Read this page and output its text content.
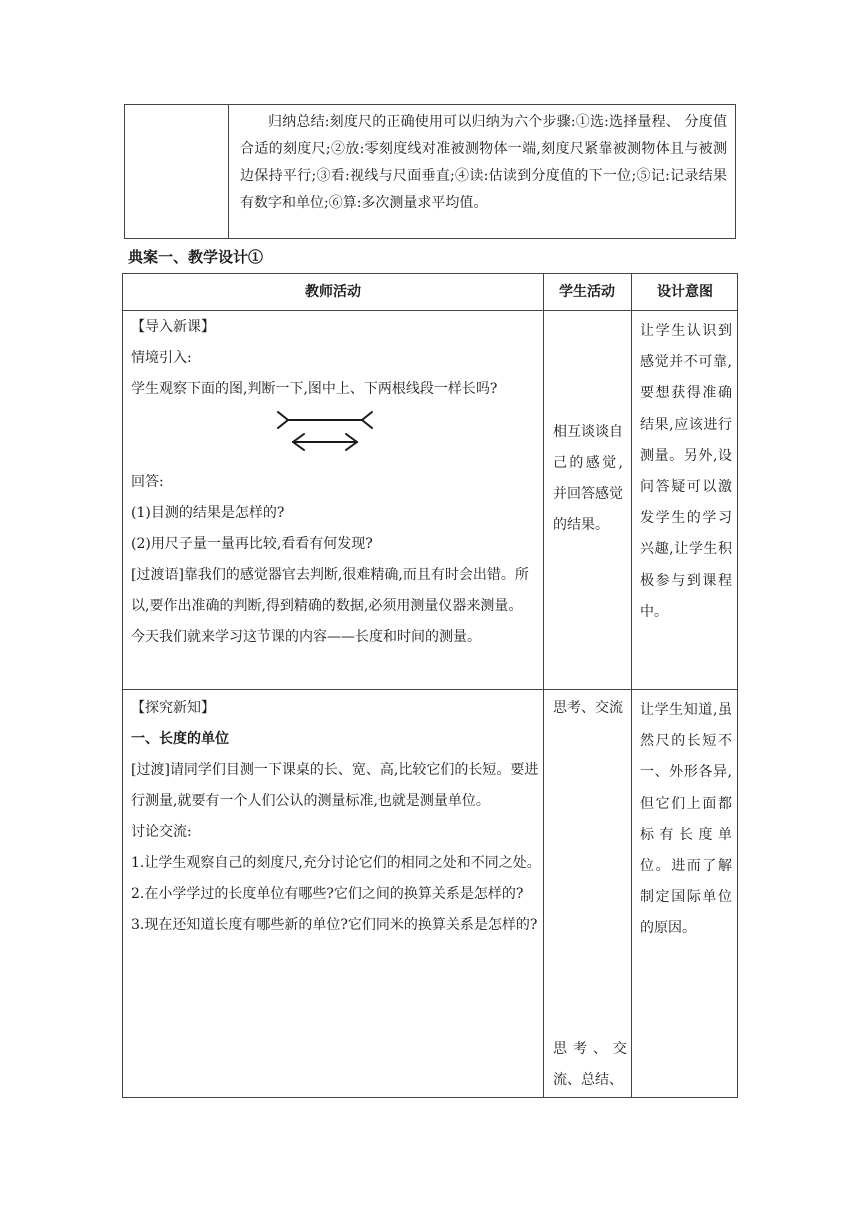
归纳总结:刻度尺的正确使用可以归纳为六个步骤:①选:选择量程、 分度值合适的刻度尺;②放:零刻度线对准被测物体一端,刻度尺紧靠被测物体且与被测边保持平行;③看:视线与尺面垂直;④读:估读到分度值的下一位;⑤记:记录结果有数字和单位;⑥算:多次测量求平均值。
典案一、教学设计①
教师活动	学生活动	设计意图

【导入新课】

情境引入:

学生观察下面的图,判断一下,图中上、下两根线段一样长吗?

回答:

(1)目测的结果是怎样的?

(2)用尺子量一量再比较,看看有何发现?

[过渡语]靠我们的感觉器官去判断,很难精确,而且有时会出错。所以,要作出准确的判断,得到精确的数据,必须用测量仪器来测量。

今天我们就来学习这节课的内容——长度和时间的测量。

相互谈谈自己的感觉,并回答感觉的结果。
让学生认识到感觉并不可靠,要想获得准确结果,应该进行测量。另外,设问答疑可以激发学生的学习兴趣,让学生积极参与到课程中。

【探究新知】

一、长度的单位

[过渡]请同学们目测一下课桌的长、宽、高,比较它们的长短。要进行测量,就要有一个人们公认的测量标准,也就是测量单位。

讨论交流:

1.让学生观察自己的刻度尺,充分讨论它们的相同之处和不同之处。

2.在小学学过的长度单位有哪些?它们之间的换算关系是怎样的?

3.现在还知道长度有哪些新的单位?它们同米的换算关系是怎样的?

思考、交流
思考、交流、总结、
让学生知道,虽然尺的长短不一、外形各异,但它们上面都标有长度单位。进而了解制定国际单位的原因。
